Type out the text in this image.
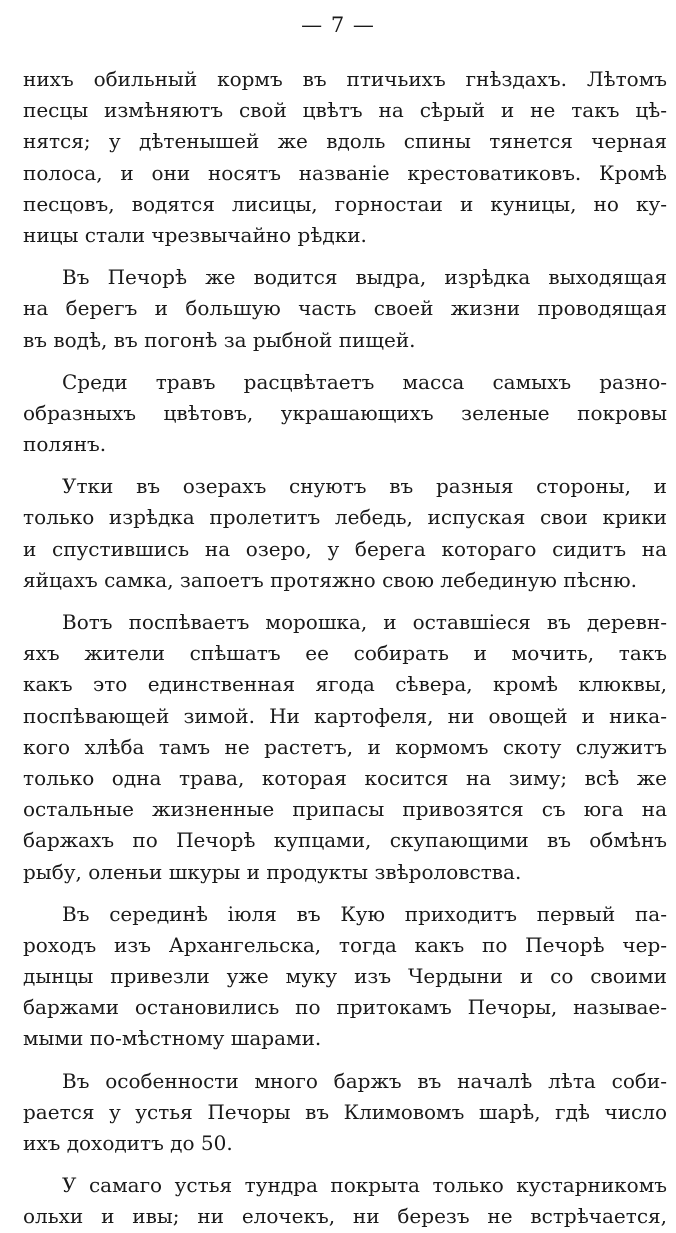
— 7 —
нихъ обильный кормъ въ птичьихъ гнѣздахъ. Лѣтомъ
песцы измѣняютъ свой цвѣтъ на сѣрый и не такъ цѣ-
нятся; у дѣтенышей же вдоль спины тянется черная
полоса, и они носятъ названіе крестоватиковъ. Кромѣ
песцовъ, водятся лисицы, горностаи и куницы, но ку-
ницы стали чрезвычайно рѣдки.
Въ Печорѣ же водится выдра, изрѣдка выходящая
на берегъ и большую часть своей жизни проводящая
въ водѣ, въ погонѣ за рыбной пищей.
Среди травъ расцвѣтаетъ масса самыхъ разно-
образныхъ цвѣтовъ, украшающихъ зеленые покровы
полянъ.
Утки въ озерахъ снуютъ въ разныя стороны, и
только изрѣдка пролетитъ лебедь, испуская свои крики
и спустившись на озеро, у берега котораго сидитъ на
яйцахъ самка, запоетъ протяжно свою лебединую пѣсню.
Вотъ поспѣваетъ морошка, и оставшіеся въ деревн-
яхъ жители спѣшатъ ее собирать и мочить, такъ
какъ это единственная ягода сѣвера, кромѣ клюквы,
поспѣвающей зимой. Ни картофеля, ни овощей и никa-
кого хлѣба тамъ не растетъ, и кормомъ скоту служитъ
только одна трава, которая косится на зиму; всѣ же
остальные жизненные припасы привозятся съ юга на
баржахъ по Печорѣ купцами, скупающими въ обмѣнъ
рыбу, оленьи шкуры и продукты звѣроловства.
Въ серединѣ іюля въ Кую приходитъ первый па-
роходъ изъ Архангельска, тогда какъ по Печорѣ чер-
дынцы привезли уже муку изъ Чердыни и со своими
баржами остановились по притокамъ Печоры, называе-
мыми по-мѣстному шарами.
Въ особенности много баржъ въ началѣ лѣта соби-
рается у устья Печоры въ Климовомъ шарѣ, гдѣ число
ихъ доходитъ до 50.
У самаго устья тундра покрыта только кустарникомъ
ольхи и ивы; ни елочекъ, ни березъ не встрѣчается,
